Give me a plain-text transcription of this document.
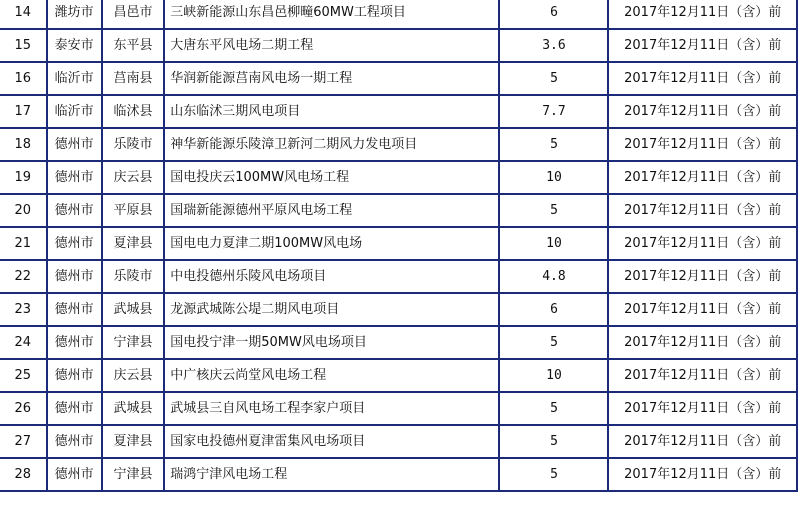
14	潍坊市	昌邑市	三峡新能源山东昌邑柳疃60MW工程项目	6	2017年12月11日（含）前
15	泰安市	东平县	大唐东平风电场二期工程	3.6	2017年12月11日（含）前
16	临沂市	莒南县	华润新能源莒南风电场一期工程	5	2017年12月11日（含）前
17	临沂市	临沭县	山东临沭三期风电项目	7.7	2017年12月11日（含）前
18	德州市	乐陵市	神华新能源乐陵漳卫新河二期风力发电项目	5	2017年12月11日（含）前
19	德州市	庆云县	国电投庆云100MW风电场工程	10	2017年12月11日（含）前
20	德州市	平原县	国瑞新能源德州平原风电场工程	5	2017年12月11日（含）前
21	德州市	夏津县	国电电力夏津二期100MW风电场	10	2017年12月11日（含）前
22	德州市	乐陵市	中电投德州乐陵风电场项目	4.8	2017年12月11日（含）前
23	德州市	武城县	龙源武城陈公堤二期风电项目	6	2017年12月11日（含）前
24	德州市	宁津县	国电投宁津一期50MW风电场项目	5	2017年12月11日（含）前
25	德州市	庆云县	中广核庆云尚堂风电场工程	10	2017年12月11日（含）前
26	德州市	武城县	武城县三自风电场工程李家户项目	5	2017年12月11日（含）前
27	德州市	夏津县	国家电投德州夏津雷集风电场项目	5	2017年12月11日（含）前
28	德州市	宁津县	瑞鸿宁津风电场工程	5	2017年12月11日（含）前
